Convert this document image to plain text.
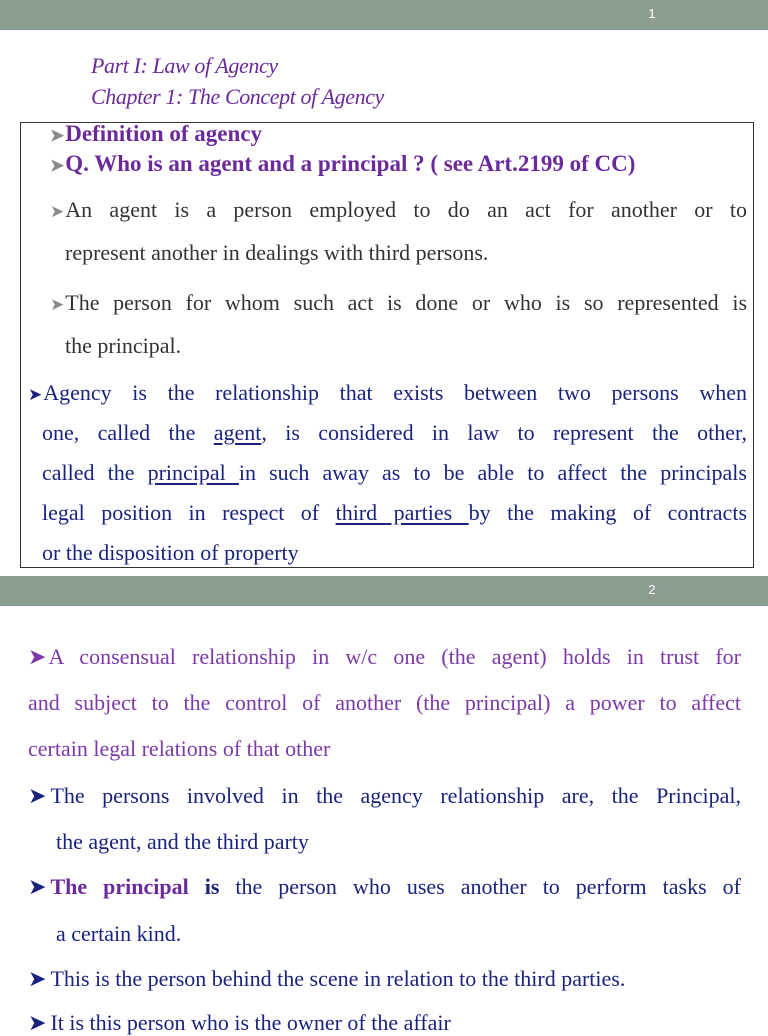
1
Part I: Law of Agency
Chapter 1: The Concept of Agency
➤Definition of agency
➤Q. Who is an agent and a principal ? ( see Art.2199 of CC)
➤An agent is a person employed to do an act for another or to
represent another in dealings with third persons.
➤The person for whom such act is done or who is so represented is
the principal.
➤Agency is the relationship that exists between two persons when
one, called the agent, is considered in law to represent the other,
called the principal in such away as to be able to affect the principals
legal position in respect of third parties by the making of contracts
or the disposition of property
2
➤A consensual relationship in w/c one (the agent) holds in trust for
and subject to the control of another (the principal) a power to affect
certain legal relations of that other
➤ The persons involved in the agency relationship are, the Principal,
the agent, and the third party
➤ The principal is the person who uses another to perform tasks of
a certain kind.
➤ This is the person behind the scene in relation to the third parties.
➤ It is this person who is the owner of the affair
